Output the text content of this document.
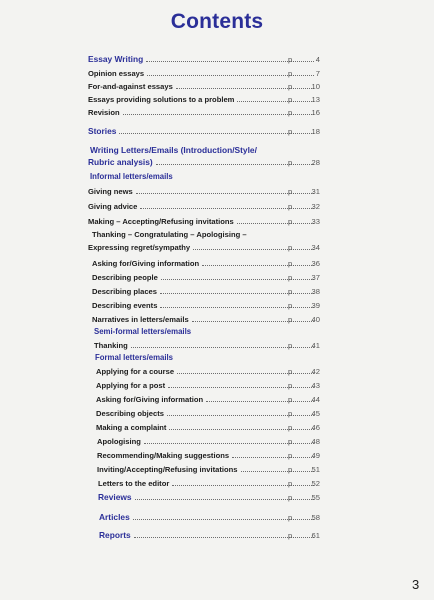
Contents
Essay Writing	p.	4
Opinion essays	p.	7
For-and-against essays	p. 10
Essays providing solutions to a problem	p. 13
Revision	p. 16
Stories	p. 18
Writing Letters/Emails (Introduction/Style/
Rubric analysis)	p. 28
Informal letters/emails
Giving news	p. 31
Giving advice	p. 32
Making – Accepting/Refusing invitations	p. 33
Thanking – Congratulating – Apologising –
Expressing regret/sympathy	p. 34
Asking for/Giving information	p. 36
Describing people	p. 37
Describing places	p. 38
Describing events	p. 39
Narratives in letters/emails	p. 40
Semi-formal letters/emails
Thanking	p. 41
Formal letters/emails
Applying for a course	p. 42
Applying for a post	p. 43
Asking for/Giving information	p. 44
Describing objects	p. 45
Making a complaint	p. 46
Apologising	p. 48
Recommending/Making suggestions	p. 49
Inviting/Accepting/Refusing invitations	p. 51
Letters to the editor	p. 52
Reviews	p. 55
Articles	p. 58
Reports	p. 61
3
